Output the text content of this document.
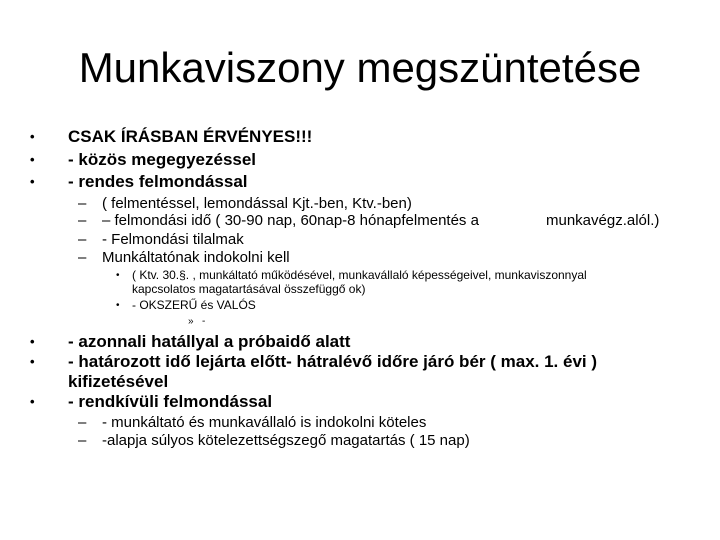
Munkaviszony megszüntetése
• CSAK ÍRÁSBAN ÉRVÉNYES!!!
• - közös megegyezéssel
• - rendes felmondással
– ( felmentéssel, lemondással Kjt.-ben, Ktv.-ben)
– – felmondási idő ( 30-90 nap, 60nap-8 hónapfelmentés a	munkavégz.alól.)
– - Felmondási tilalmak
– Munkáltatónak indokolni kell
• ( Ktv. 30.§. , munkáltató működésével, munkavállaló képességeivel, munkaviszonnyal
kapcsolatos magatartásával összefüggő ok)
• - OKSZERŰ és VALÓS
» -
• - azonnali hatállyal a próbaidő alatt
• - határozott idő lejárta előtt- hátralévő időre járó bér ( max. 1. évi )
kifizetésével
• - rendkívüli felmondással
– - munkáltató és munkavállaló is indokolni köteles
– -alapja súlyos kötelezettségszegő magatartás ( 15 nap)
